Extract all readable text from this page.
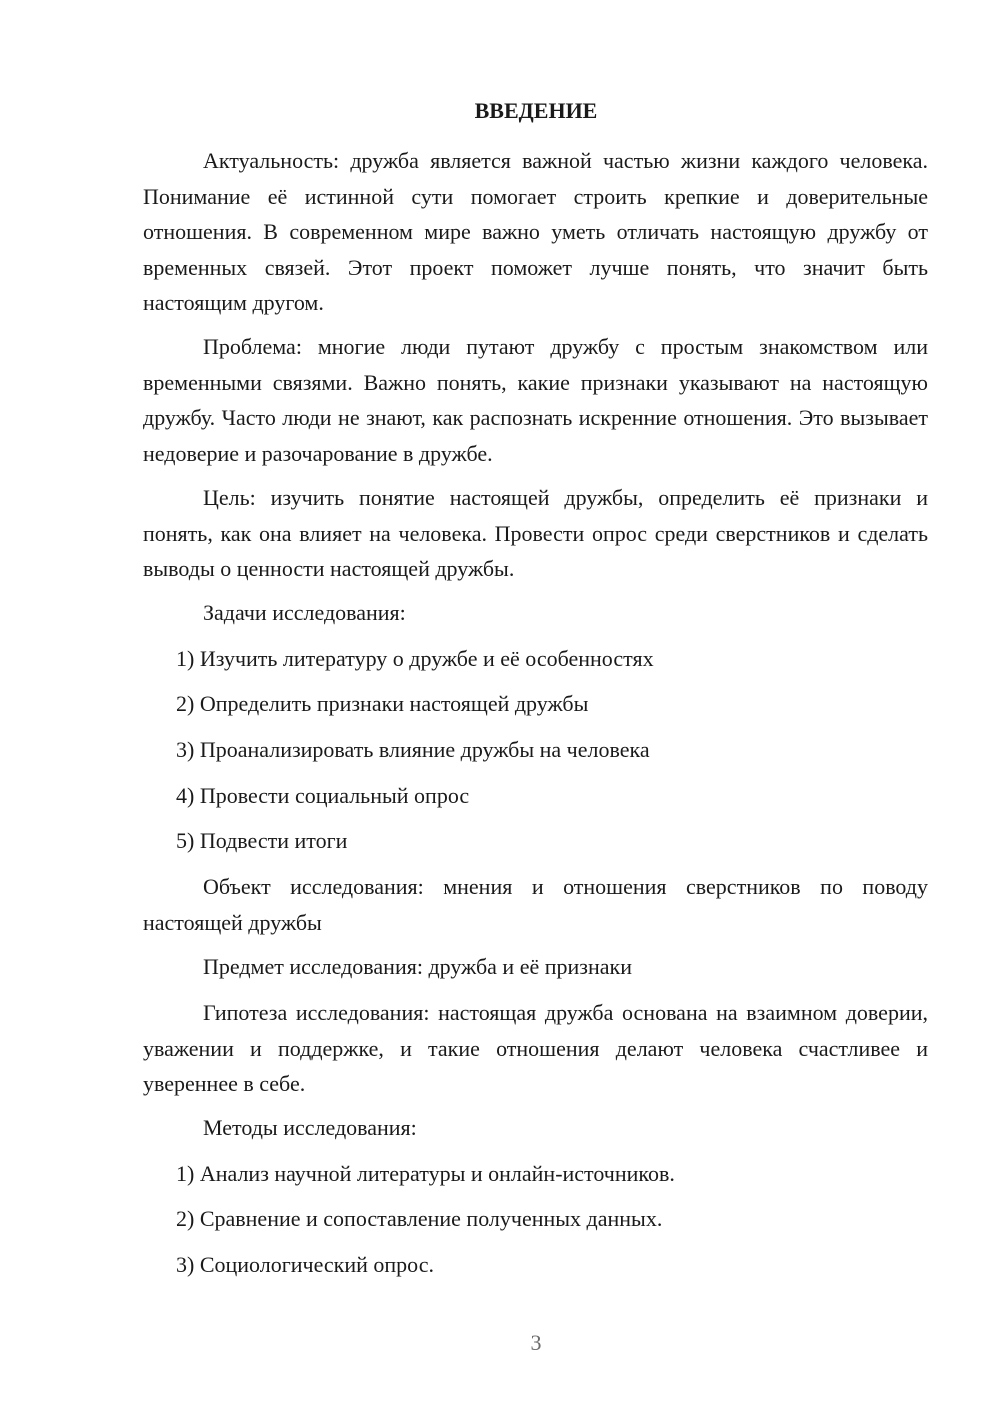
ВВЕДЕНИЕ

Актуальность: дружба является важной частью жизни каждого человека. Понимание её истинной сути помогает строить крепкие и доверительные отношения. В современном мире важно уметь отличать настоящую дружбу от временных связей. Этот проект поможет лучше понять, что значит быть настоящим другом.

Проблема: многие люди путают дружбу с простым знакомством или временными связями. Важно понять, какие признаки указывают на настоящую дружбу. Часто люди не знают, как распознать искренние отношения. Это вызывает недоверие и разочарование в дружбе.

Цель: изучить понятие настоящей дружбы, определить её признаки и понять, как она влияет на человека. Провести опрос среди сверстников и сделать выводы о ценности настоящей дружбы.

Задачи исследования:

1) Изучить литературу о дружбе и её особенностях

2) Определить признаки настоящей дружбы

3) Проанализировать влияние дружбы на человека

4) Провести социальный опрос

5) Подвести итоги

Объект исследования: мнения и отношения сверстников по поводу настоящей дружбы

Предмет исследования: дружба и её признаки

Гипотеза исследования: настоящая дружба основана на взаимном доверии, уважении и поддержке, и такие отношения делают человека счастливее и увереннее в себе.

Методы исследования:

1) Анализ научной литературы и онлайн-источников.

2) Сравнение и сопоставление полученных данных.

3) Социологический опрос.

3
